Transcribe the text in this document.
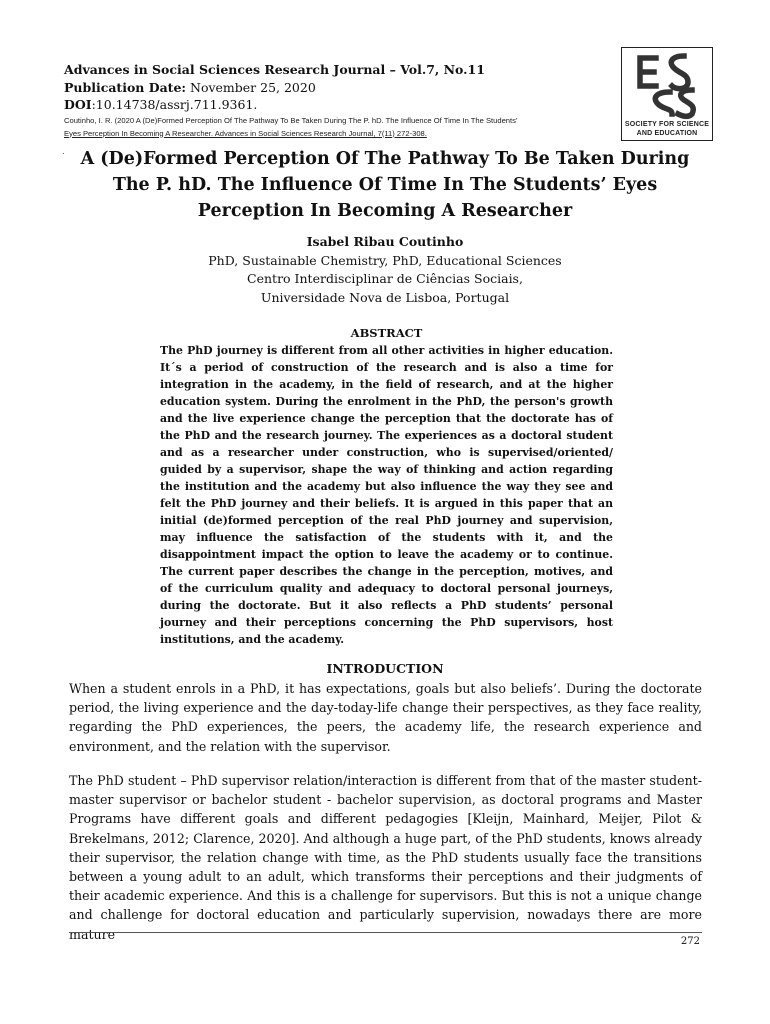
Advances in Social Sciences Research Journal – Vol.7, No.11
Publication Date: November 25, 2020
DOI:10.14738/assrj.711.9361.
Coutinho, I. R. (2020 A (De)Formed Perception Of The Pathway To Be Taken During The P. hD. The Influence Of Time In The Students’
Eyes Perception In Becoming A Researcher. Advances in Social Sciences Research Journal, 7(11) 272-308.
SOCIETY FOR SCIENCE
AND EDUCATION
· A (De)Formed Perception Of The Pathway To Be Taken During The P. hD. The Influence Of Time In The Students’ Eyes Perception In Becoming A Researcher
Isabel Ribau Coutinho
PhD, Sustainable Chemistry, PhD, Educational Sciences
Centro Interdisciplinar de Ciências Sociais,
Universidade Nova de Lisboa, Portugal
ABSTRACT
The PhD journey is different from all other activities in higher education. It´s a period of construction of the research and is also a time for integration in the academy, in the field of research, and at the higher education system. During the enrolment in the PhD, the person's growth and the live experience change the perception that the doctorate has of the PhD and the research journey. The experiences as a doctoral student and as a researcher under construction, who is supervised/oriented/ guided by a supervisor, shape the way of thinking and action regarding the institution and the academy but also influence the way they see and felt the PhD journey and their beliefs. It is argued in this paper that an initial (de)formed perception of the real PhD journey and supervision, may influence the satisfaction of the students with it, and the disappointment impact the option to leave the academy or to continue. The current paper describes the change in the perception, motives, and of the curriculum quality and adequacy to doctoral personal journeys, during the doctorate. But it also reflects a PhD students’ personal journey and their perceptions concerning the PhD supervisors, host institutions, and the academy.
INTRODUCTION
When a student enrols in a PhD, it has expectations, goals but also beliefs’. During the doctorate period, the living experience and the day-today-life change their perspectives, as they face reality, regarding the PhD experiences, the peers, the academy life, the research experience and environment, and the relation with the supervisor.
The PhD student – PhD supervisor relation/interaction is different from that of the master student-master supervisor or bachelor student - bachelor supervision, as doctoral programs and Master Programs have different goals and different pedagogies [Kleijn, Mainhard, Meijer, Pilot & Brekelmans, 2012; Clarence, 2020]. And although a huge part, of the PhD students, knows already their supervisor, the relation change with time, as the PhD students usually face the transitions between a young adult to an adult, which transforms their perceptions and their judgments of their academic experience. And this is a challenge for supervisors. But this is not a unique change and challenge for doctoral education and particularly supervision, nowadays there are more mature	272
